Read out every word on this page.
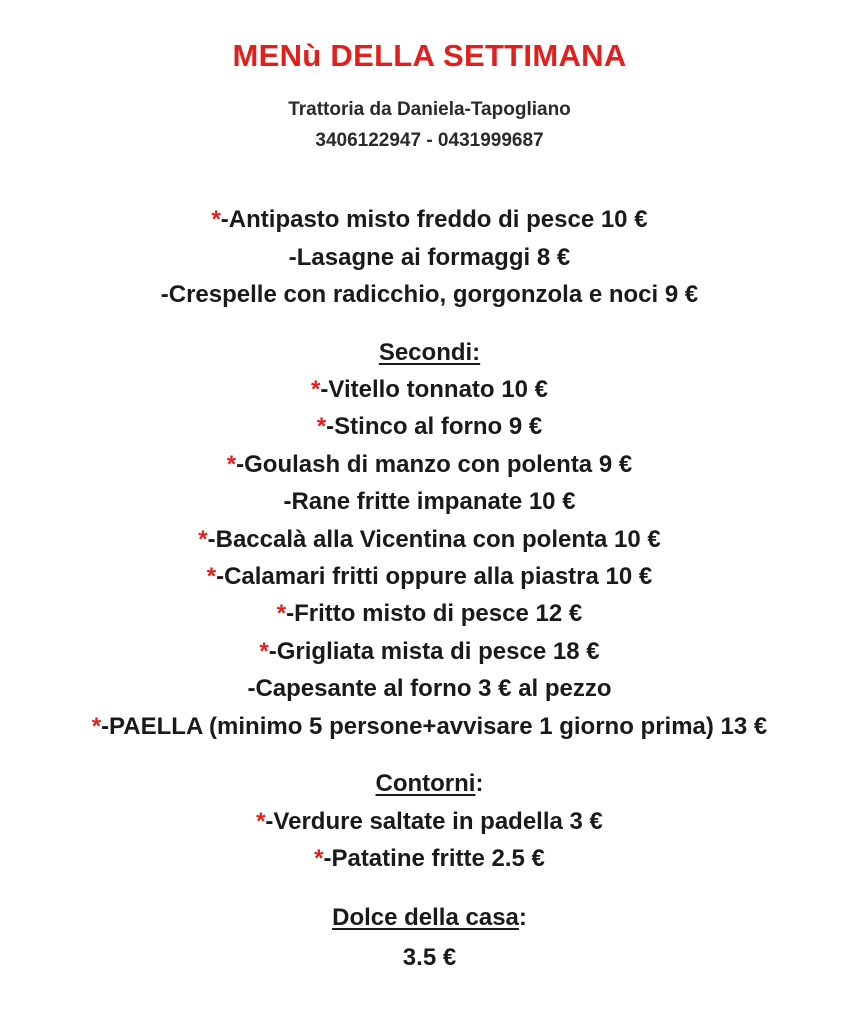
MENù DELLA SETTIMANA
Trattoria da Daniela-Tapogliano
3406122947 - 0431999687
*-Antipasto misto freddo di pesce 10 €
-Lasagne ai formaggi 8 €
-Crespelle con radicchio, gorgonzola e noci 9 €
Secondi:
*-Vitello tonnato 10 €
*-Stinco al forno 9 €
*-Goulash di manzo con polenta 9 €
-Rane fritte impanate 10 €
*-Baccalà alla Vicentina con polenta 10 €
*-Calamari fritti oppure alla piastra 10 €
*-Fritto misto di pesce 12 €
*-Grigliata mista di pesce 18 €
-Capesante al forno 3 € al pezzo
*-PAELLA (minimo 5 persone+avvisare 1 giorno prima) 13 €
Contorni:
*-Verdure saltate in padella 3 €
*-Patatine fritte 2.5 €
Dolce della casa:
3.5 €
